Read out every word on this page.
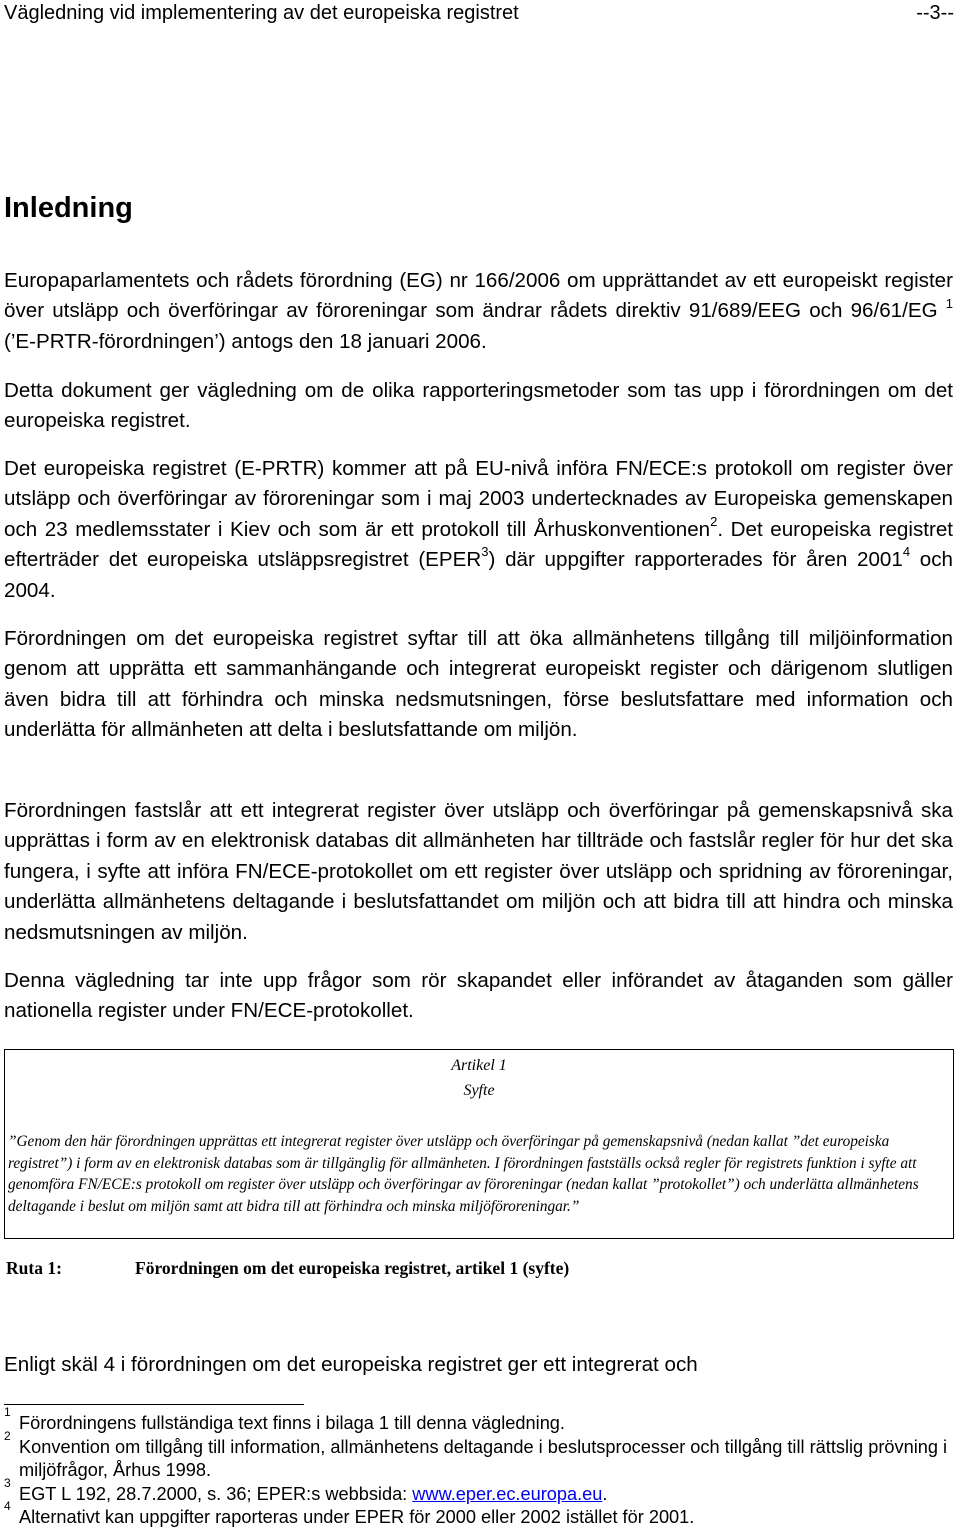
Vägledning vid implementering av det europeiska registret	--3--
Inledning

Europaparlamentets och rådets förordning (EG) nr 166/2006 om upprättandet av ett europeiskt register över utsläpp och överföringar av föroreningar som ändrar rådets direktiv 91/689/EEG och 96/61/EG $^1$ (’E-PRTR-förordningen’) antogs den 18 januari 2006.

Detta dokument ger vägledning om de olika rapporteringsmetoder som tas upp i förordningen om det europeiska registret.

Det europeiska registret (E-PRTR) kommer att på EU-nivå införa FN/ECE:s protokoll om register över utsläpp och överföringar av föroreningar som i maj 2003 undertecknades av Europeiska gemenskapen och 23 medlemsstater i Kiev och som är ett protokoll till Århuskonventionen$^2$. Det europeiska registret efterträder det europeiska utsläppsregistret (EPER$^3$) där uppgifter rapporterades för åren 2001$^4$ och 2004.

Förordningen om det europeiska registret syftar till att öka allmänhetens tillgång till miljöinformation genom att upprätta ett sammanhängande och integrerat europeiskt register och därigenom slutligen även bidra till att förhindra och minska nedsmutsningen, förse beslutsfattare med information och underlätta för allmänheten att delta i beslutsfattande om miljön.

Förordningen fastslår att ett integrerat register över utsläpp och överföringar på gemenskapsnivå ska upprättas i form av en elektronisk databas dit allmänheten har tillträde och fastslår regler för hur det ska fungera, i syfte att införa FN/ECE-protokollet om ett register över utsläpp och spridning av föroreningar, underlätta allmänhetens deltagande i beslutsfattandet om miljön och att bidra till att hindra och minska nedsmutsningen av miljön.

Denna vägledning tar inte upp frågor som rör skapandet eller införandet av åtaganden som gäller nationella register under FN/ECE-protokollet.

Artikel 1
Syfte

”Genom den här förordningen upprättas ett integrerat register över utsläpp och överföringar på gemenskapsnivå (nedan kallat ”det europeiska registret”) i form av en elektronisk databas som är tillgänglig för allmänheten. I förordningen fastställs också regler för registrets funktion i syfte att genomföra FN/ECE:s protokoll om register över utsläpp och överföringar av föroreningar (nedan kallat ”protokollet”) och underlätta allmänhetens deltagande i beslut om miljön samt att bidra till att förhindra och minska miljöföroreningar.”

Ruta 1:	Förordningen om det europeiska registret, artikel 1 (syfte)

Enligt skäl 4 i förordningen om det europeiska registret ger ett integrerat och

1
Förordningens fullständiga text finns i bilaga 1 till denna vägledning.
2
Konvention om tillgång till information, allmänhetens deltagande i beslutsprocesser och tillgång till rättslig prövning i miljöfrågor, Århus 1998.
3
EGT L 192, 28.7.2000, s. 36; EPER:s webbsida: www.eper.ec.europa.eu.
4
Alternativt kan uppgifter raporteras under EPER för 2000 eller 2002 istället för 2001.
